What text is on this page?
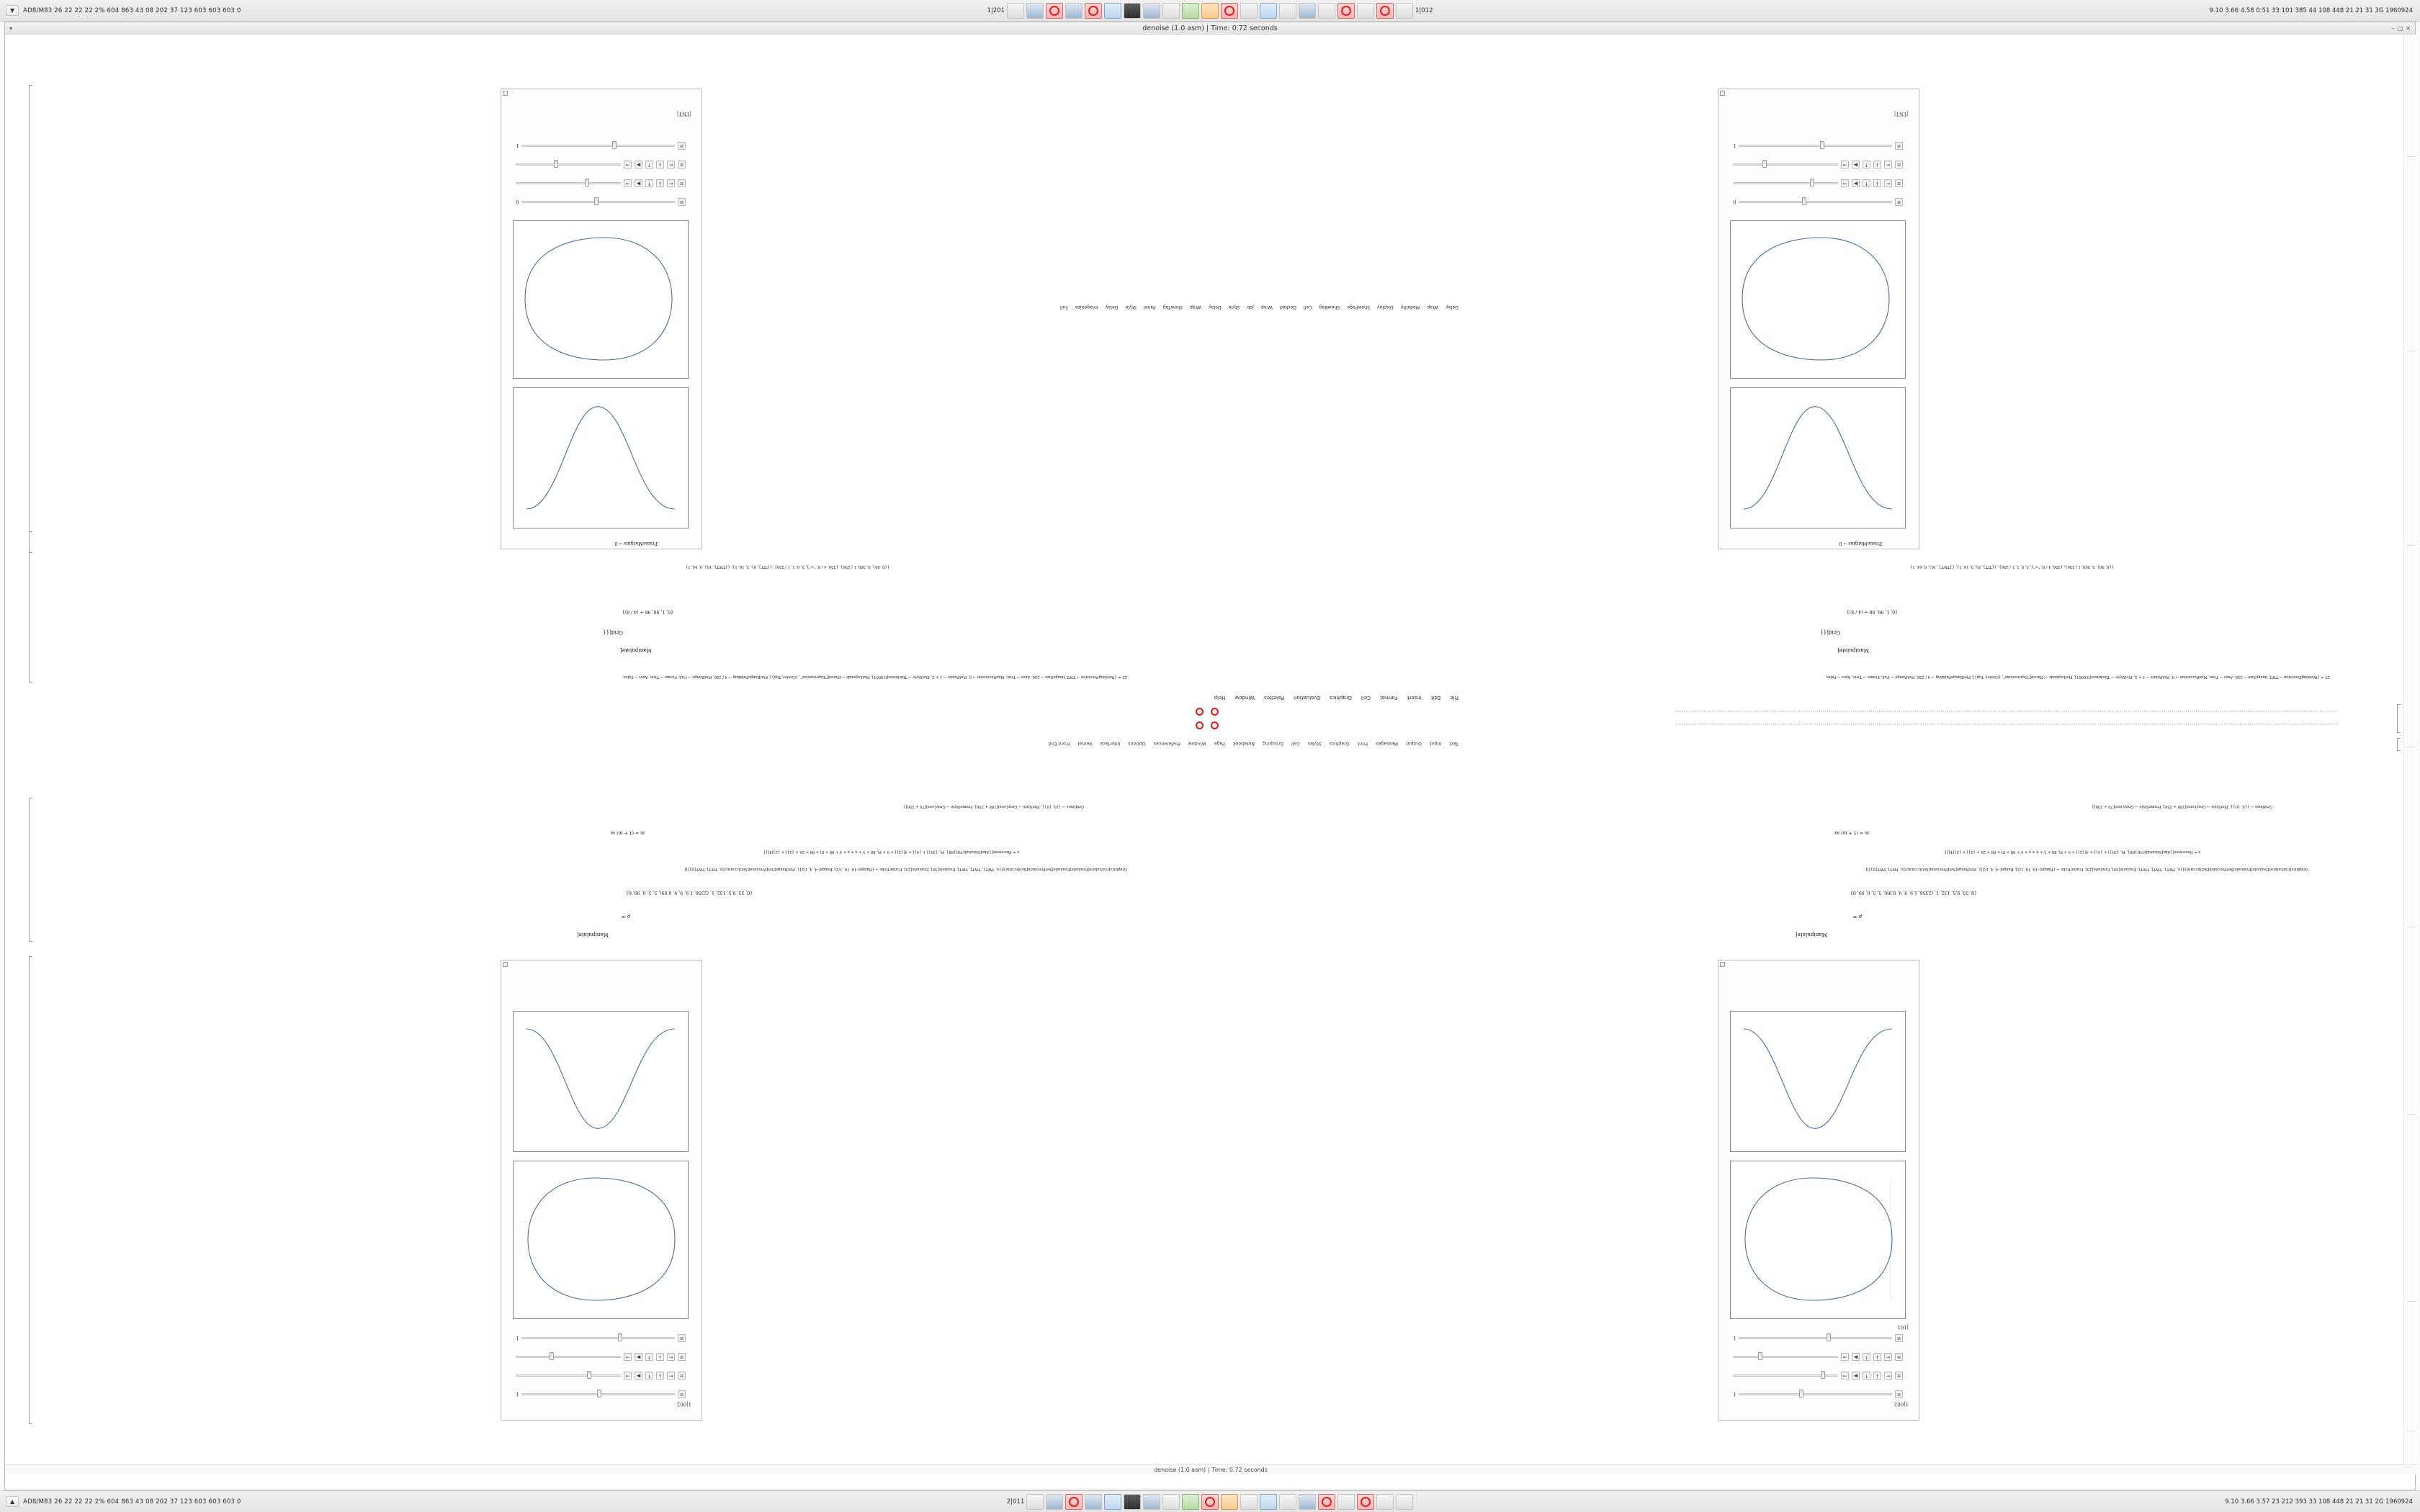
▼	AD8/M83 26 22 22 22 2% 604 863 43 08 202 37 123 603 603 603 0	1|201	1|012	9.10 3.66 4.58 0:51 33 101 385 44 108 448 21 21 31 3G 1960924
▾	denoise (1.0 asm) | Time: 0.72 seconds	– □ ✕
≡
1
≡
←
↓
↑
▶
→
≡
←
↓
↑
▶
→
≡
1
1|002
|101
≡
1
≡
←
↓
↑
▶
→
≡
←
↓
↑
▶
→
≡
1
1|002
≡
0
≡
←
↓
↑
▶
→
≡
←
↓
↑
▶
→
≡
1
|TNT|
≡
0
≡
←
↓
↑
▶
→
≡
←
↓
↑
▶
→
≡
1
|TNT|
Manipulate[
ρ =
{0, 55, 9.5, 132, 1, (2356, 1.9, 9, 9, 0.99), 5, 5, 0, 99, 0}
Graphics[Curvature[Evaluate[Evaluate[SetPrecision[SetAccuracy[{e, TWT}, TWT], TWT], Evaluate[30], Evaluate[25], FrameTicks → {Range[–16, 16, 1/2], Range[–4, 4, 1/2]}, PlotRange[Set[Precision[SetAccuracy[e, TWT], TWT]]]}]]]
z = Piecewise[{Abs[NaturallyFit[{88}, Pi, {30}] + {4}] + 4[{2}] + 9 + Pi, 88 + 5 + x + x + 4 + 88 + Pi + 88 + 20 + {2}] + {2}[4]}]
m = (1 + m) ∂a
Gridlines → {{0, {0}}, PlotStyle → GrayLevel[188 + 256], FrameStyle → GrayLevel[70 + 256]}
25 = {WorkingPrecision → TWT, ImageSize → 256, Axes → True, MaxRecursion → 0, PlotPoints → 1 + 2, PlotStyle → Thickness[0.0001], PlotLegends → Placed["Expressions", {Center, Top}], PlotRangePadding → 4 / 256, PlotRange → Full, Frame → True, Axes → False,
Manipulate[
Grid[{{
{0, 1, 90, 98 + (4 / 8)}
.FrameMargins → 0
{{0, 90}, 0, 360, 1 / 256}, {256, 4 / 8, "+"}, 5, 0, 1, 1 / 256}, {{TIT}, 8}, 3, 16, 1}, {{TWT}, 16}, 0, 64, 1}
Manipulate[
ρ =
{0, 55, 9.5, 132, 1, (2356, 1.9, 9, 9, 0.99), 5, 5, 0, 99, 0}
Graphics[Curvature[Evaluate[Evaluate[SetPrecision[SetAccuracy[{e, TWT}, TWT], TWT], Evaluate[30], Evaluate[25], FrameTicks → {Range[–16, 16, 1/2], Range[–4, 4, 1/2]}, PlotRange[Set[Precision[SetAccuracy[e, TWT], TWT]]]}]]]
z = Piecewise[{Abs[NaturallyFit[{88}, Pi, {30}] + {4}] + 4[{2}] + 9 + Pi, 88 + 5 + x + x + 4 + 88 + Pi + 88 + 20 + {2}] + {2}[4]}]
m = (1 + m) ∂a
Gridlines → {{0, {0}}, PlotStyle → GrayLevel[188 + 256], FrameStyle → GrayLevel[70 + 256]}
25 = {WorkingPrecision → TWT, ImageSize → 256, Axes → True, MaxRecursion → 0, PlotPoints → 1 + 2, PlotStyle → Thickness[0.0001], PlotLegends → Placed["Expressions", {Center, Top}], PlotRangePadding → 4 / 256, PlotRange → Full, Frame → True, Axes → False,
Manipulate[
Grid[{{
{0, 1, 90, 98 + (4 / 8)}
.FrameMargins → 0
{{0, 90}, 0, 360, 1 / 256}, {256, 4 / 8, "+"}, 5, 0, 1, 1 / 256}, {{TIT}, 8}, 3, 16, 1}, {{TWT}, 16}, 0, 64, 1}
File
Edit
Insert
Format
Cell
Graphics
Evaluation
Palettes
Window
Help
Text
Input
Output
Messages
Print
Graphics
Styles
Cell
Grouping
Notebook
Page
Window
Preferences
Options
Interface
Kernel
Front End
Delay
Wrap
Modality
Display
ShowPage
ShowBag
Cell
Docked
Wrap
Job
Style
Delay
Wrap
ShowTag
Panel
Style
Delay
ImageSize
Full
············································································································································································································································································································································
············································································································································································································································································································································
denoise (1.0 asm) | Time: 0.72 seconds
▲	AD8/M83 26 22 22 22 2% 604 863 43 08 202 37 123 603 603 603 0	2|011	9.10 3.66 3.57 23 212 393 33 108 448 21 21 31 2G 1960924
